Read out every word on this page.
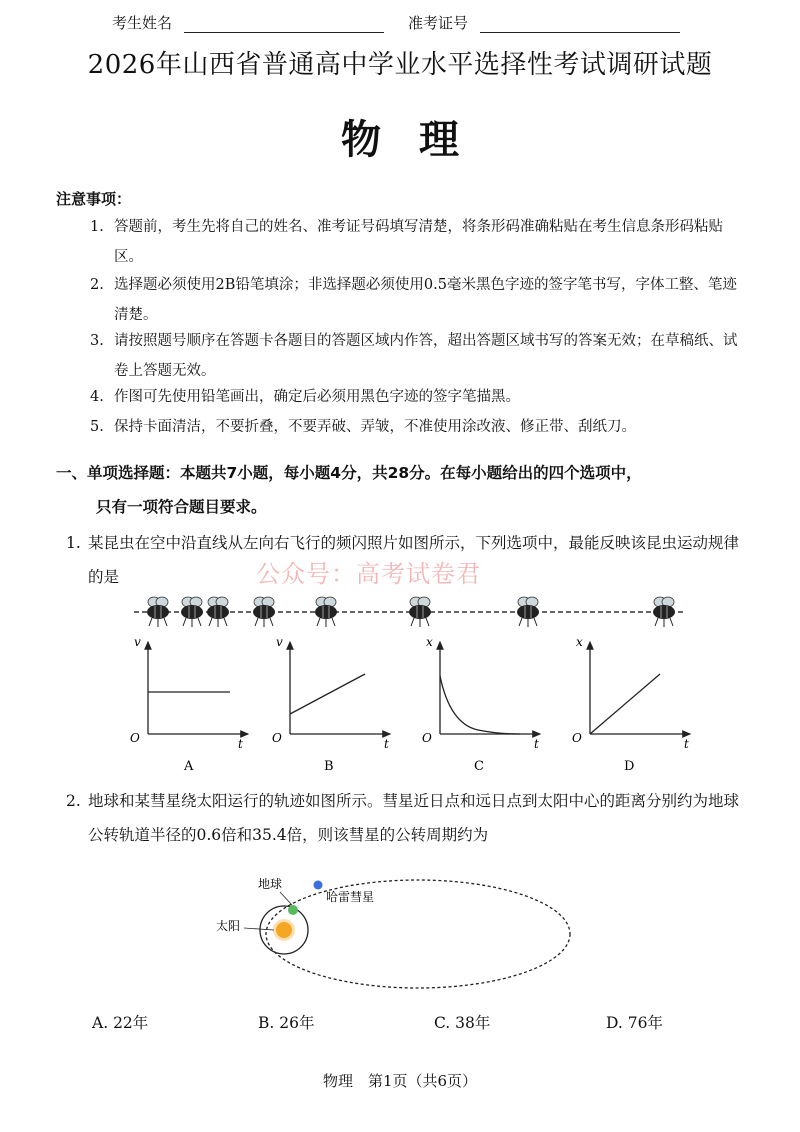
考生姓名	准考证号
2026年山西省普通高中学业水平选择性考试调研试题
物理
注意事项：
1. 答题前，考生先将自己的姓名、准考证号码填写清楚，将条形码准确粘贴在考生信息条形码粘贴区。
2. 选择题必须使用2B铅笔填涂；非选择题必须使用0.5毫米黑色字迹的签字笔书写，字体工整、笔迹清楚。
3. 请按照题号顺序在答题卡各题目的答题区域内作答，超出答题区域书写的答案无效；在草稿纸、试卷上答题无效。
4. 作图可先使用铅笔画出，确定后必须用黑色字迹的签字笔描黑。
5. 保持卡面清洁，不要折叠，不要弄破、弄皱，不准使用涂改液、修正带、刮纸刀。
一、单项选择题：本题共7小题，每小题4分，共28分。在每小题给出的四个选项中，
只有一项符合题目要求。
1. 某昆虫在空中沿直线从左向右飞行的频闪照片如图所示，下列选项中，最能反映该昆虫运动规律的是	公众号：高考试卷君
v
t
O
A
v
t
O
B
x
t
O
C
x
t
O
D
2. 地球和某彗星绕太阳运行的轨迹如图所示。彗星近日点和远日点到太阳中心的距离分别约为地球公转轨道半径的0.6倍和35.4倍，则该彗星的公转周期约为
地球
哈雷彗星
太阳
A. 22年	B. 26年	C. 38年	D. 76年
物理　第1页（共6页）
